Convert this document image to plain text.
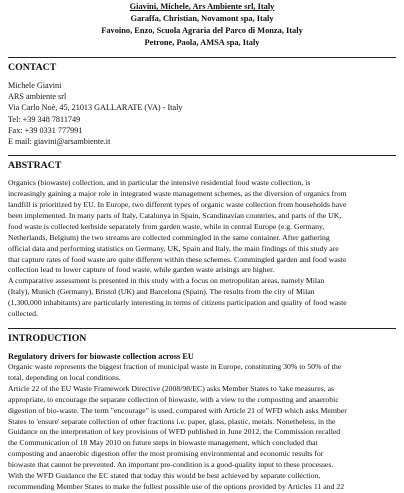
Giavini, Michele, Ars Ambiente srl, Italy
Garaffa, Christian, Novamont spa, Italy
Favoino, Enzo, Scuola Agraria del Parco di Monza, Italy
Petrone, Paola, AMSA spa, Italy
CONTACT
Michele Giavini
ARS ambiente srl
Via Carlo Noè, 45, 21013 GALLARATE (VA) - Italy
Tel: +39 348 7811749
Fax: +39 0331 777991
E mail: giavini@arsambiente.it
ABSTRACT

Organics (biowaste) collection, and in particular the intensive residential food waste collection, is
increasingly gaining a major role in integrated waste management schemes, as the diversion of organics from
landfill is prioritized by EU. In Europe, two different types of organic waste collection from households have
been implemented. In many parts of Italy, Catalunya in Spain, Scandinavian countries, and parts of the UK,
food waste is collected kerbside separately from garden waste, while in central Europe (e.g. Germany,
Netherlands, Belgium) the two streams are collected commingled in the same container. After gathering
official data and performing statistics on Germany, UK, Spain and Italy, the main findings of this study are
that capture rates of food waste are quite different within these schemes. Commingled garden and food waste
collection lead to lower capture of food waste, while garden waste arisings are higher.

A comparative assessment is presented in this study with a focus on metropolitan areas, namely Milan
(Italy), Munich (Germany), Bristol (UK) and Barcelona (Spain). The results from the city of Milan
(1,300,000 inhabitants) are particularly interesting in terms of citizens participation and quality of food waste
collected.

INTRODUCTION
Regulatory drivers for biowaste collection across EU

Organic waste represents the biggest fraction of municipal waste in Europe, constituting 30% to 50% of the
total, depending on local conditions.

Article 22 of the EU Waste Framework Directive (2008/98/EC) asks Member States to 'take measures, as
appropriate, to encourage the separate collection of biowaste, with a view to the composting and anaerobic
digestion of bio-waste. The term "encourage" is used, compared with Article 21 of WFD which asks Member
States to 'ensure' separate collection of other fractions i.e. paper, glass, plastic, metals. Nonetheless, in the
Guidance on the interpretation of key provisions of WFD published in June 2012, the Commission recalled
the Communication of 18 May 2010 on future steps in biowaste management, which concluded that
composting and anaerobic digestion offer the most promising environmental and economic results for
biowaste that cannot be prevented. An important pre-condition is a good-quality input to these processes.
With the WFD Guidance the EC stated that today this would be best achieved by separate collection,
recommending Member States to make the fullest possible use of the options provided by Articles 11 and 22
